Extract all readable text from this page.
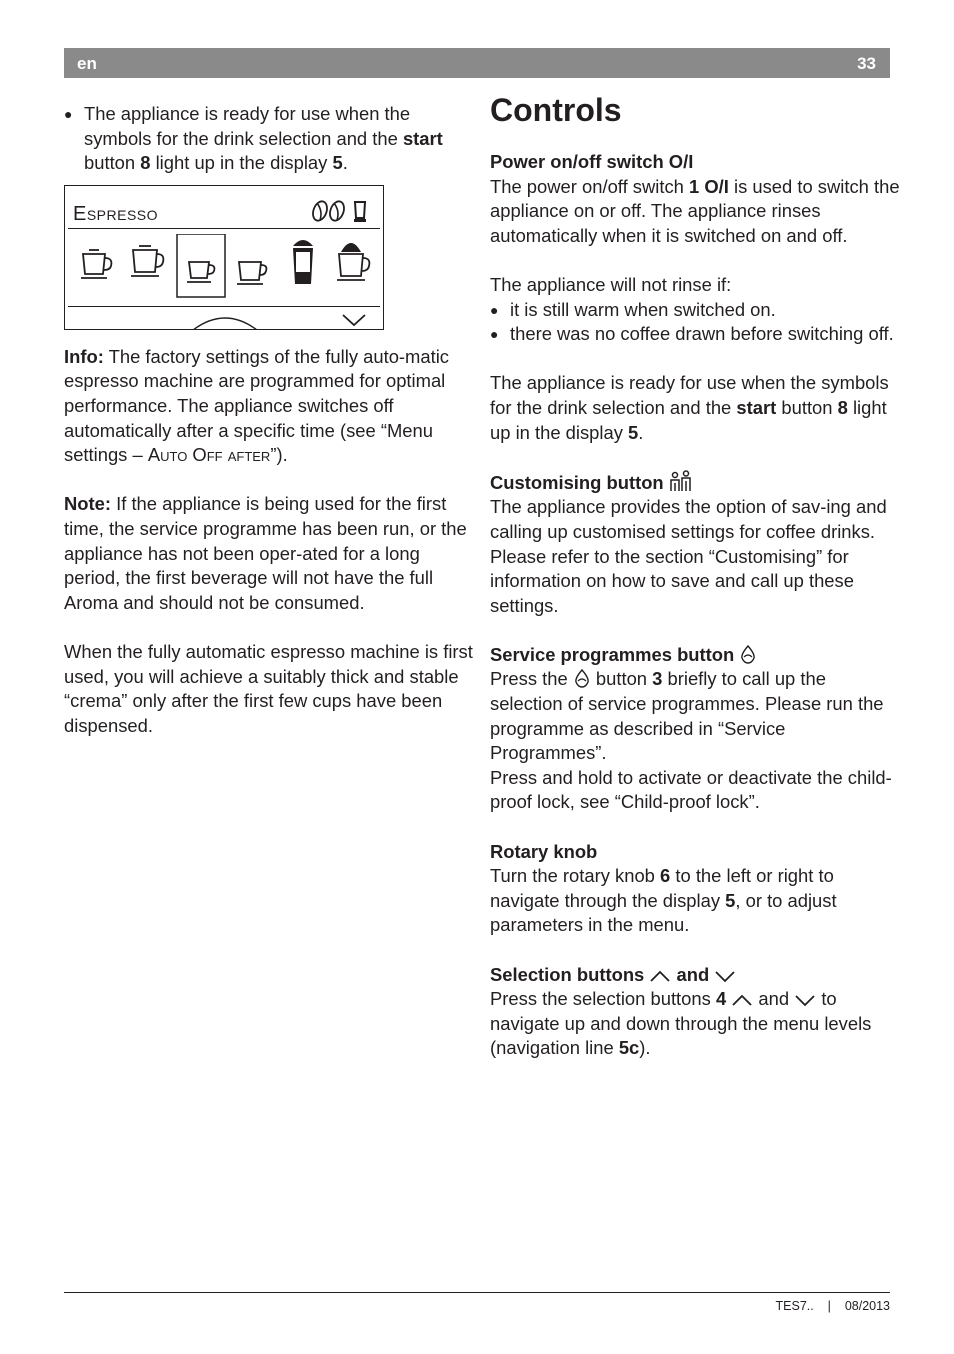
en	33
● The appliance is ready for use when the symbols for the drink selection and the start button 8 light up in the display 5.
Espresso

Info: The factory settings of the fully auto-matic espresso machine are programmed for optimal performance. The appliance switches off automatically after a specific time (see “Menu settings – Auto Off after”).

Note: If the appliance is being used for the first time, the service programme has been run, or the appliance has not been oper-ated for a long period, the first beverage will not have the full Aroma and should not be consumed.

When the fully automatic espresso machine is first used, you will achieve a suitably thick and stable “crema” only after the first few cups have been dispensed.

Controls

Power on/off switch O/I

The power on/off switch 1 O/I is used to switch the appliance on or off. The appliance rinses automatically when it is switched on and off.

The appliance will not rinse if:

● it is still warm when switched on.
● there was no coffee drawn before switching off.

The appliance is ready for use when the symbols for the drink selection and the start button 8 light up in the display 5.

Customising button

The appliance provides the option of sav-ing and calling up customised settings for coffee drinks. Please refer to the section “Customising” for information on how to save and call up these settings.

Service programmes button

Press the  button 3 briefly to call up the selection of service programmes. Please run the programme as described in “Service Programmes”.

Press and hold to activate or deactivate the child-proof lock, see “Child-proof lock”.

Rotary knob

Turn the rotary knob 6 to the left or right to navigate through the display 5, or to adjust parameters in the menu.

Selection buttons and

Press the selection buttons 4  and  to navigate up and down through the menu levels (navigation line 5c).

TES7.. | 08/2013
